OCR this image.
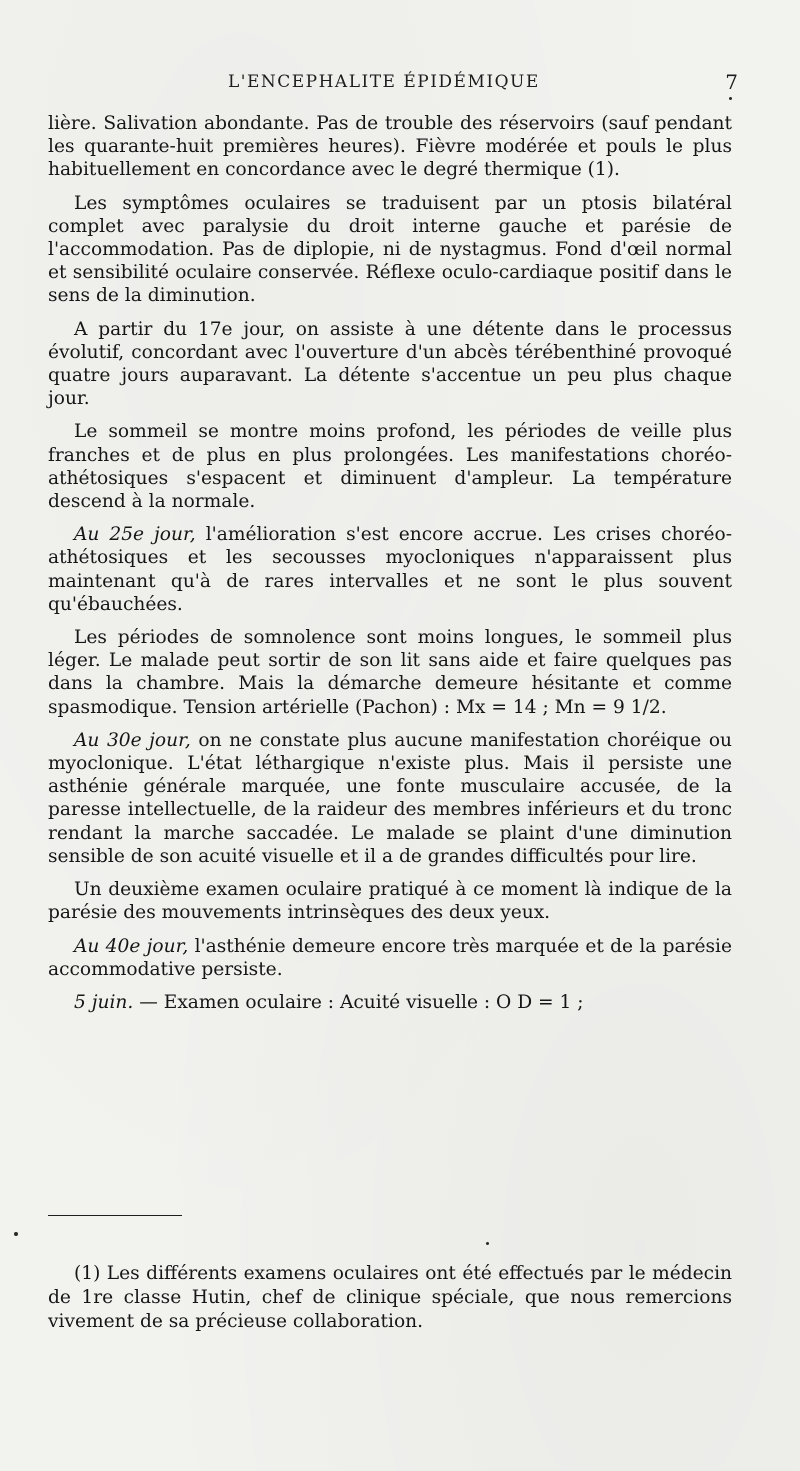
L'ENCEPHALITE ÉPIDÉMIQUE	7

lière. Salivation abondante. Pas de trouble des réservoirs (sauf pendant les quarante-huit premières heures). Fièvre modérée et pouls le plus habituellement en concordance avec le degré thermique (1).

Les symptômes oculaires se traduisent par un ptosis bilatéral complet avec paralysie du droit interne gauche et parésie de l'accommodation. Pas de diplopie, ni de nystagmus. Fond d'œil normal et sensibilité oculaire conservée. Réflexe oculo-cardiaque positif dans le sens de la diminution.

A partir du 17e jour, on assiste à une détente dans le processus évolutif, concordant avec l'ouverture d'un abcès térébenthiné provoqué quatre jours auparavant. La détente s'accentue un peu plus chaque jour.

Le sommeil se montre moins profond, les périodes de veille plus franches et de plus en plus prolongées. Les manifestations choréo-athétosiques s'espacent et diminuent d'ampleur. La température descend à la normale.

Au 25e jour, l'amélioration s'est encore accrue. Les crises choréo-athétosiques et les secousses myocloniques n'apparaissent plus maintenant qu'à de rares intervalles et ne sont le plus souvent qu'ébauchées.

Les périodes de somnolence sont moins longues, le sommeil plus léger. Le malade peut sortir de son lit sans aide et faire quelques pas dans la chambre. Mais la démarche demeure hésitante et comme spasmodique. Tension artérielle (Pachon) : Mx = 14 ; Mn = 9 1/2.

Au 30e jour, on ne constate plus aucune manifestation choréique ou myoclonique. L'état léthargique n'existe plus. Mais il persiste une asthénie générale marquée, une fonte musculaire accusée, de la paresse intellectuelle, de la raideur des membres inférieurs et du tronc rendant la marche saccadée. Le malade se plaint d'une diminution sensible de son acuité visuelle et il a de grandes difficultés pour lire.

Un deuxième examen oculaire pratiqué à ce moment là indique de la parésie des mouvements intrinsèques des deux yeux.

Au 40e jour, l'asthénie demeure encore très marquée et de la parésie accommodative persiste.

5 juin. — Examen oculaire : Acuité visuelle : O D = 1 ;

(1) Les différents examens oculaires ont été effectués par le médecin de 1re classe Hutin, chef de clinique spéciale, que nous remercions vivement de sa précieuse collaboration.
